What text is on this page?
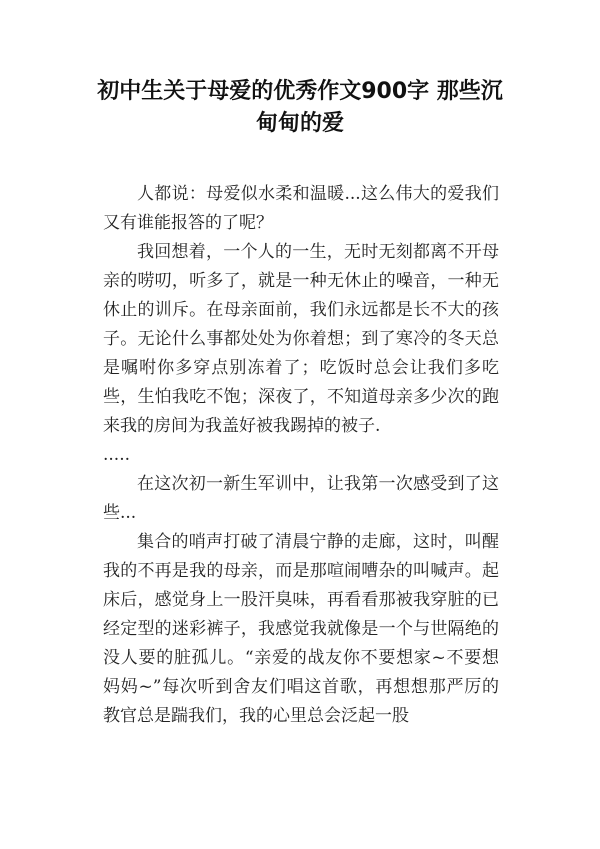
初中生关于母爱的优秀作文900字 那些沉甸甸的爱

人都说：母爱似水柔和温暖...这么伟大的爱我们又有谁能报答的了呢？

我回想着，一个人的一生，无时无刻都离不开母亲的唠叨，听多了，就是一种无休止的噪音，一种无休止的训斥。在母亲面前，我们永远都是长不大的孩子。无论什么事都处处为你着想；到了寒冷的冬天总是嘱咐你多穿点别冻着了；吃饭时总会让我们多吃些，生怕我吃不饱；深夜了，不知道母亲多少次的跑来我的房间为我盖好被我踢掉的被子.

.....

在这次初一新生军训中，让我第一次感受到了这些...

集合的哨声打破了清晨宁静的走廊，这时，叫醒我的不再是我的母亲，而是那喧闹嘈杂的叫喊声。起床后，感觉身上一股汗臭味，再看看那被我穿脏的已经定型的迷彩裤子，我感觉我就像是一个与世隔绝的没人要的脏孤儿。“亲爱的战友你不要想家~不要想妈妈~”每次听到舍友们唱这首歌，再想想那严厉的教官总是踹我们，我的心里总会泛起一股
